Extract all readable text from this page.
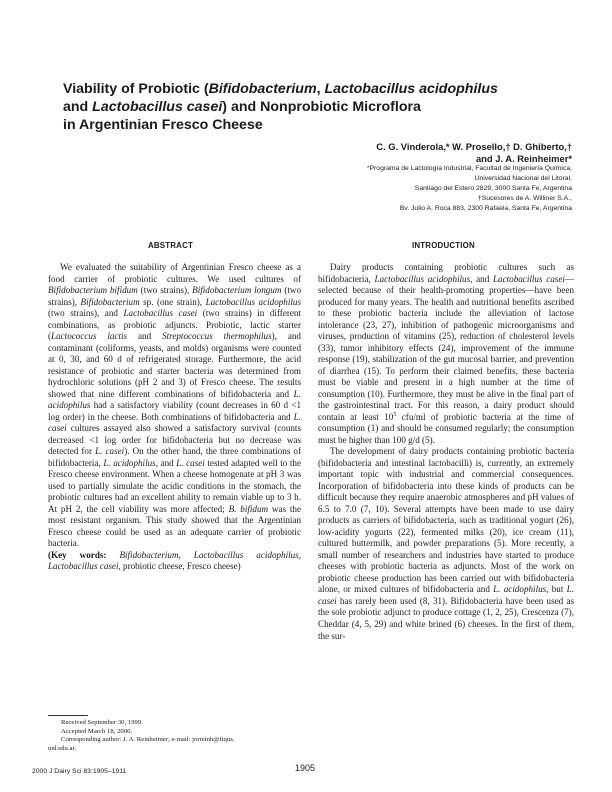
Viability of Probiotic (Bifidobacterium, Lactobacillus acidophilus
and Lactobacillus casei) and Nonprobiotic Microflora
in Argentinian Fresco Cheese
C. G. Vinderola,* W. Prosello,† D. Ghiberto,†
and J. A. Reinheimer*
*Programa de Lactología Industrial, Facultad de Ingeniería Química,
Universidad Nacional del Litoral,
Santiago del Estero 2829, 3000 Santa Fe, Argentina
†Sucesores de A. Williner S.A.,
Bv. Julio A. Roca 883, 2300 Rafaela, Santa Fe, Argentina
ABSTRACT	INTRODUCTION

We evaluated the suitability of Argentinian Fresco cheese as a food carrier of probiotic cultures. We used cultures of Bifidobacterium bifidum (two strains), Bifidobacterium longum (two strains), Bifidobacterium sp. (one strain), Lactobacillus acidophilus (two strains), and Lactobacillus casei (two strains) in different combinations, as probiotic adjuncts. Probiotic, lactic starter (Lactococcus lactis and Streptococcus thermophilus), and contaminant (coliforms, yeasts, and molds) organisms were counted at 0, 30, and 60 d of refrigerated storage. Furthermore, the acid resistance of probiotic and starter bacteria was determined from hydrochloric solutions (pH 2 and 3) of Fresco cheese. The results showed that nine different combinations of bifidobacteria and L. acidophilus had a satisfactory viability (count decreases in 60 d <1 log order) in the cheese. Both combinations of bifidobacteria and L. casei cultures assayed also showed a satisfactory survival (counts decreased <1 log order for bifidobacteria but no decrease was detected for L. casei). On the other hand, the three combinations of bifidobacteria, L. acidophilus, and L. casei tested adapted well to the Fresco cheese environment. When a cheese homogenate at pH 3 was used to partially simulate the acidic conditions in the stomach, the probiotic cultures had an excellent ability to remain viable up to 3 h. At pH 2, the cell viability was more affected; B. bifidum was the most resistant organism. This study showed that the Argentinian Fresco cheese could be used as an adequate carrier of probiotic bacteria.

(Key words: Bifidobacterium, Lactobacillus acidophilus, Lactobacillus casei, probiotic cheese, Fresco cheese)

Dairy products containing probiotic cultures such as bifidobacteria, Lactobacillus acidophilus, and Lactobacillus casei—selected because of their health-promoting properties—have been produced for many years. The health and nutritional benefits ascribed to these probiotic bacteria include the alleviation of lactose intolerance (23, 27), inhibition of pathogenic microorganisms and viruses, production of vitamins (25), reduction of cholesterol levels (33), tumor inhibitory effects (24), improvement of the immune response (19), stabilization of the gut mucosal barrier, and prevention of diarrhea (15). To perform their claimed benefits, these bacteria must be viable and present in a high number at the time of consumption (10). Furthermore, they must be alive in the final part of the gastrointestinal tract. For this reason, a dairy product should contain at least $10^5$ cfu/ml of probiotic bacteria at the time of consumption (1) and should be consumed regularly; the consumption must be higher than 100 g/d (5).

The development of dairy products containing probiotic bacteria (bifidobacteria and intestinal lactobacilli) is, currently, an extremely important topic with industrial and commercial consequences. Incorporation of bifidobacteria into these kinds of products can be difficult because they require anaerobic atmospheres and pH values of 6.5 to 7.0 (7, 10). Several attempts have been made to use dairy products as carriers of bifidobacteria, such as traditional yogurt (26), low-acidity yogurts (22), fermented milks (20), ice cream (11), cultured buttermilk, and powder preparations (5). More recently, a small number of researchers and industries have started to produce cheeses with probiotic bacteria as adjuncts. Most of the work on probiotic cheese production has been carried out with bifidobacteria alone, or mixed cultures of bifidobacteria and L. acidophilus, but L. casei has rarely been used (8, 31). Bifidobacteria have been used as the sole probiotic adjunct to produce cottage (1, 2, 25), Crescenza (7), Cheddar (4, 5, 29) and white brined (6) cheeses. In the first of them, the sur-

Received September 30, 1999.
Accepted March 18, 2000.
Corresponding author: J. A. Reinheimer; e-mail: jorreinh@fiqus.
unl.edu.ar.
2000 J Dairy Sci 83:1905–1911	1905
